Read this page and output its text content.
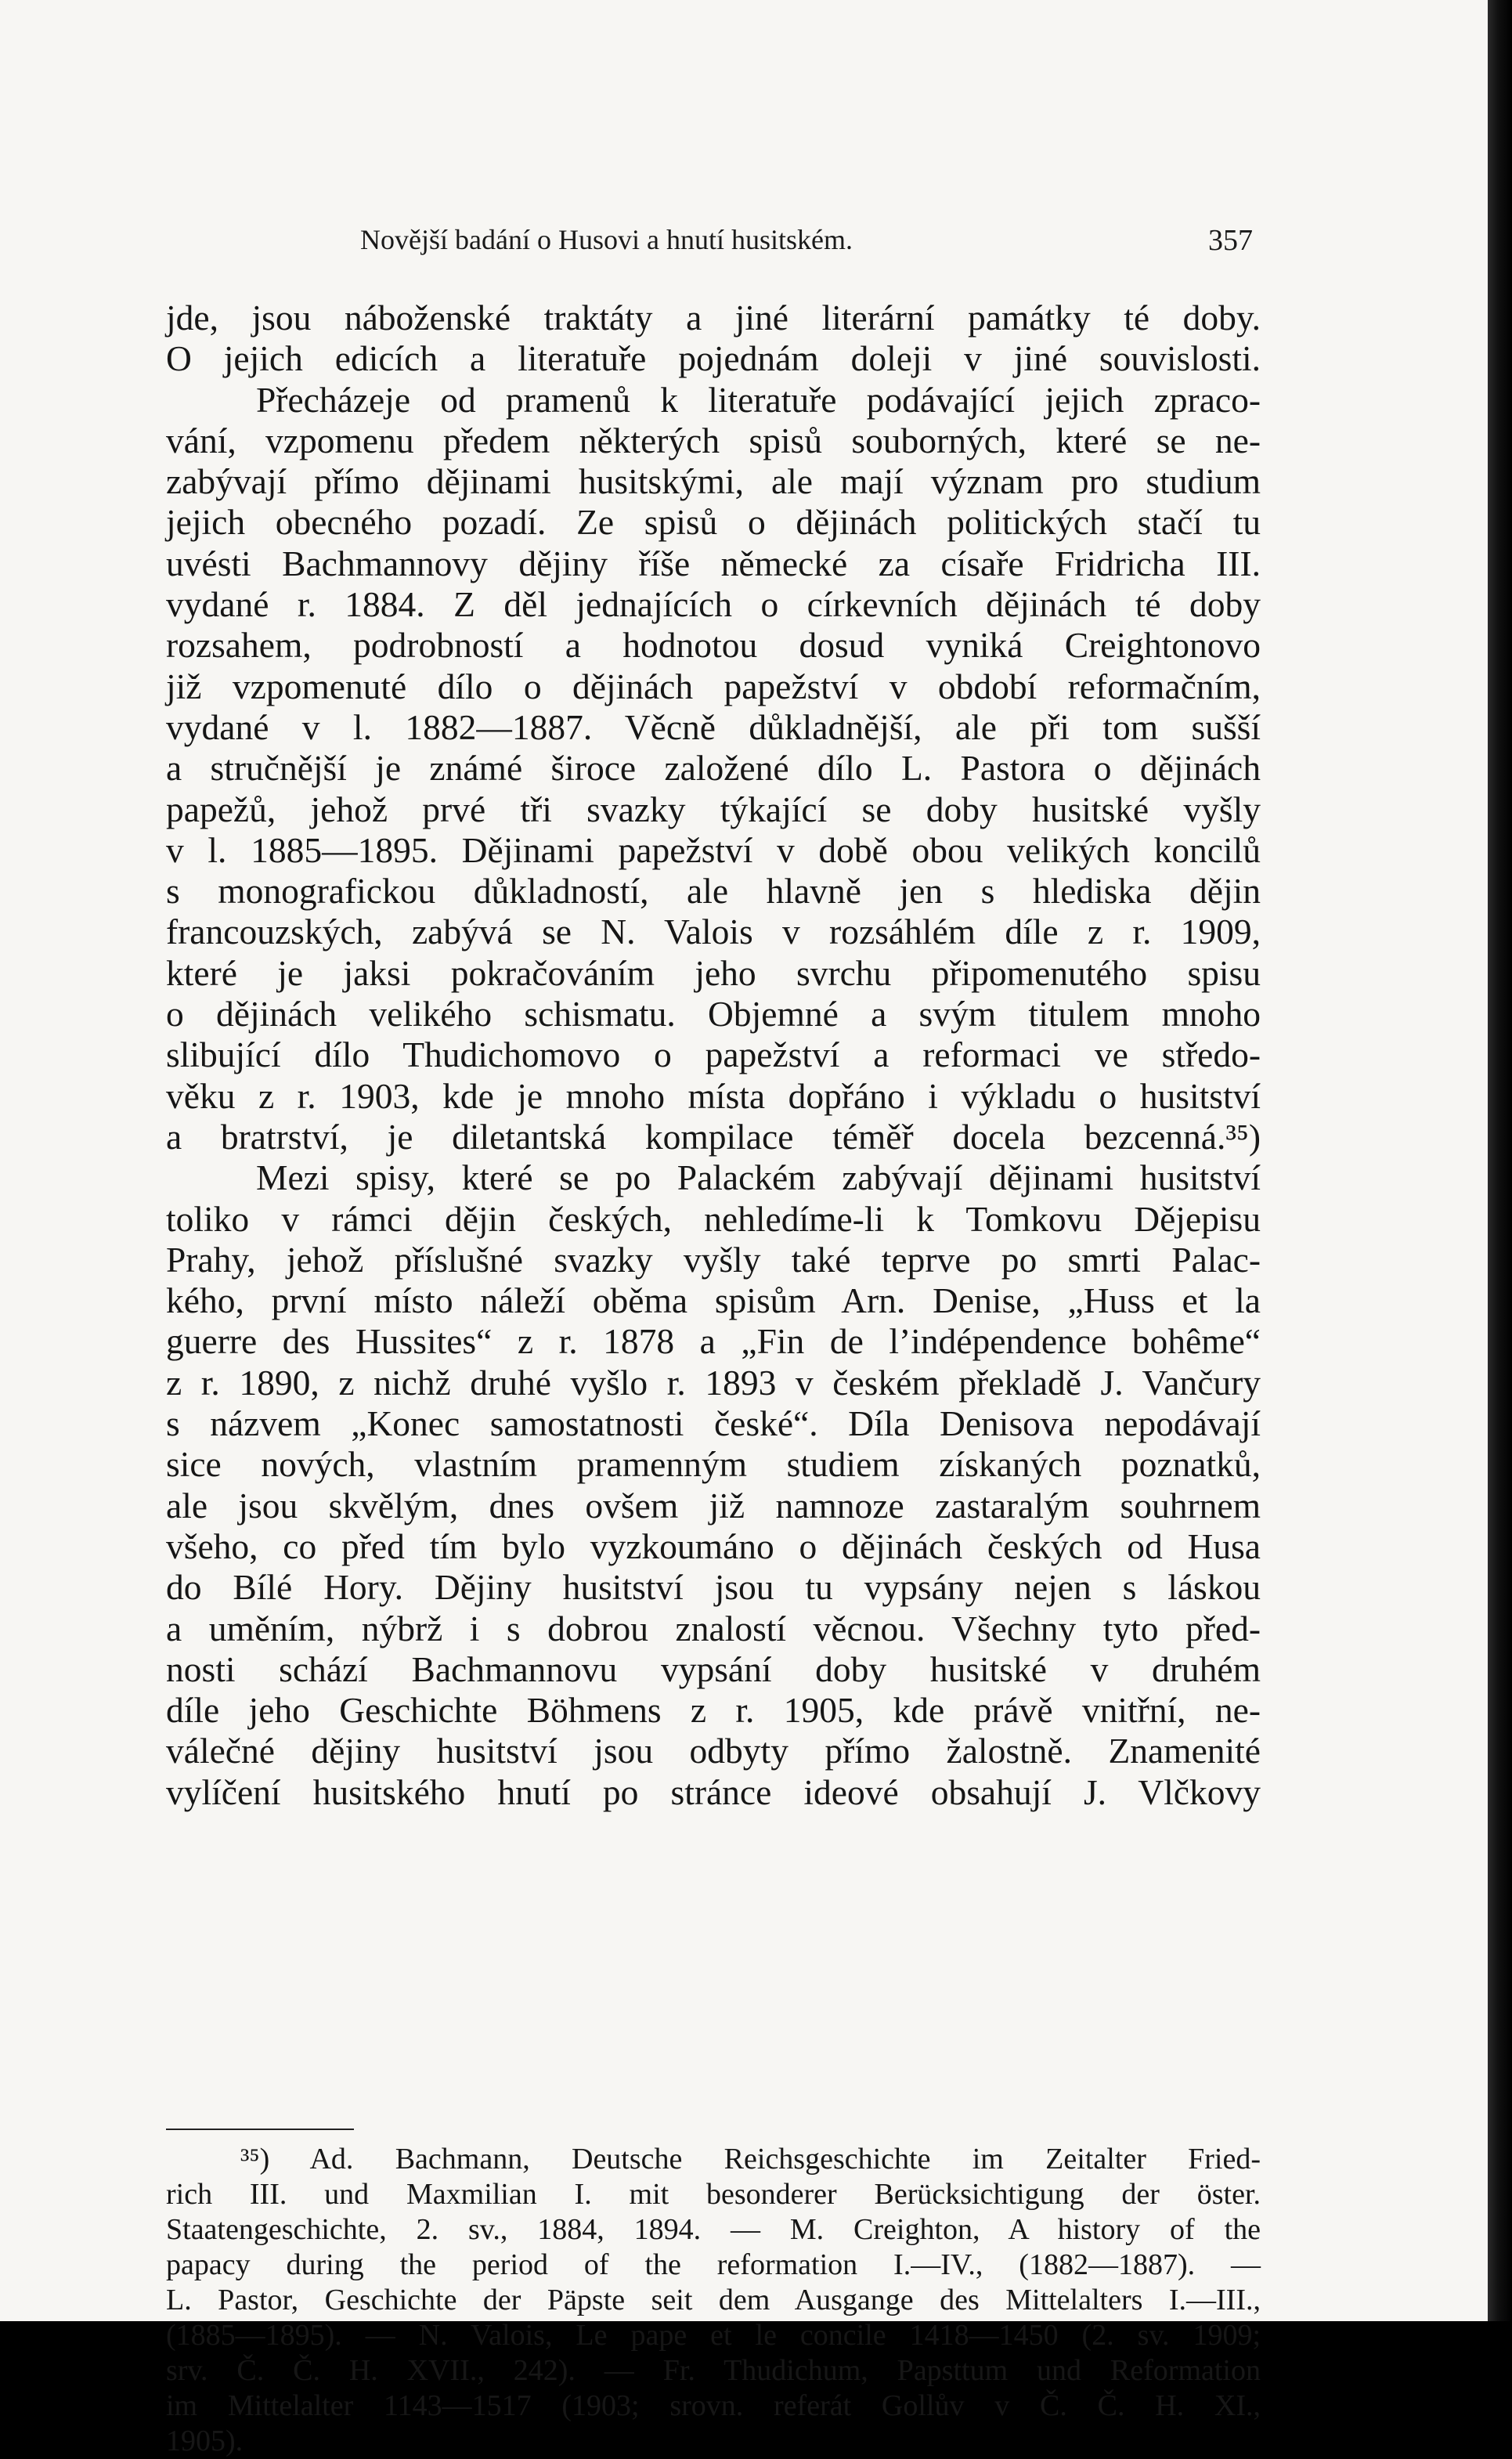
Novější badání o Husovi a hnutí husitském.	357
jde, jsou náboženské traktáty a jiné literární památky té doby.
O jejich edicích a literatuře pojednám doleji v jiné souvislosti.
Přecházeje od pramenů k literatuře podávající jejich zpraco-
vání, vzpomenu předem některých spisů souborných, které se ne-
zabývají přímo dějinami husitskými, ale mají význam pro studium
jejich obecného pozadí. Ze spisů o dějinách politických stačí tu
uvésti Bachmannovy dějiny říše německé za císaře Fridricha III.
vydané r. 1884. Z děl jednajících o církevních dějinách té doby
rozsahem, podrobností a hodnotou dosud vyniká Creightonovo
již vzpomenuté dílo o dějinách papežství v období reformačním,
vydané v l. 1882—1887. Věcně důkladnější, ale při tom sušší
a stručnější je známé široce založené dílo L. Pastora o dějinách
papežů, jehož prvé tři svazky týkající se doby husitské vyšly
v l. 1885—1895. Dějinami papežství v době obou velikých koncilů
s monografickou důkladností, ale hlavně jen s hlediska dějin
francouzských, zabývá se N. Valois v rozsáhlém díle z r. 1909,
které je jaksi pokračováním jeho svrchu připomenutého spisu
o dějinách velikého schismatu. Objemné a svým titulem mnoho
slibující dílo Thudichomovo o papežství a reformaci ve středo-
věku z r. 1903, kde je mnoho místa dopřáno i výkladu o husitství
a bratrství, je diletantská kompilace téměř docela bezcenná.³⁵)
Mezi spisy, které se po Palackém zabývají dějinami husitství
toliko v rámci dějin českých, nehledíme-li k Tomkovu Dějepisu
Prahy, jehož příslušné svazky vyšly také teprve po smrti Palac-
kého, první místo náleží oběma spisům Arn. Denise, „Huss et la
guerre des Hussites“ z r. 1878 a „Fin de l’indépendence bohême“
z r. 1890, z nichž druhé vyšlo r. 1893 v českém překladě J. Vančury
s názvem „Konec samostatnosti české“. Díla Denisova nepodávají
sice nových, vlastním pramenným studiem získaných poznatků,
ale jsou skvělým, dnes ovšem již namnoze zastaralým souhrnem
všeho, co před tím bylo vyzkoumáno o dějinách českých od Husa
do Bílé Hory. Dějiny husitství jsou tu vypsány nejen s láskou
a uměním, nýbrž i s dobrou znalostí věcnou. Všechny tyto před-
nosti schází Bachmannovu vypsání doby husitské v druhém
díle jeho Geschichte Böhmens z r. 1905, kde právě vnitřní, ne-
válečné dějiny husitství jsou odbyty přímo žalostně. Znamenité
vylíčení husitského hnutí po stránce ideové obsahují J. Vlčkovy
³⁵) Ad. Bachmann, Deutsche Reichsgeschichte im Zeitalter Fried-
rich III. und Maxmilian I. mit besonderer Berücksichtigung der öster.
Staatengeschichte, 2. sv., 1884, 1894. — M. Creighton, A history of the
papacy during the period of the reformation I.—IV., (1882—1887). —
L. Pastor, Geschichte der Päpste seit dem Ausgange des Mittelalters I.—III.,
(1885—1895). — N. Valois, Le pape et le concile 1418—1450 (2. sv. 1909;
srv. Č. Č. H. XVII., 242). — Fr. Thudichum, Papsttum und Reformation
im Mittelalter 1143—1517 (1903; srovn. referát Gollův v Č. Č. H. XI.,
1905).
